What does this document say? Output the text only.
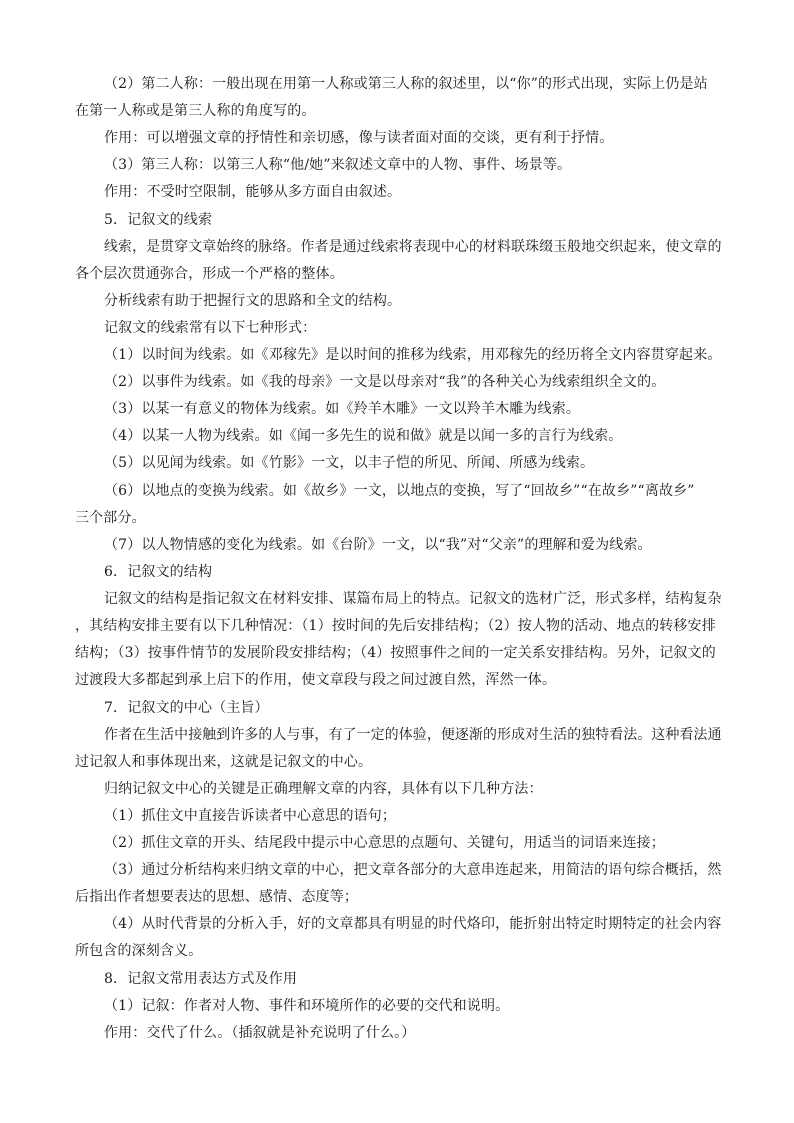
（2）第二人称：一般出现在用第一人称或第三人称的叙述里，以“你”的形式出现，实际上仍是站
在第一人称或是第三人称的角度写的。
作用：可以增强文章的抒情性和亲切感，像与读者面对面的交谈，更有利于抒情。
（3）第三人称：以第三人称“他/她”来叙述文章中的人物、事件、场景等。
作用：不受时空限制，能够从多方面自由叙述。
5．记叙文的线索
线索，是贯穿文章始终的脉络。作者是通过线索将表现中心的材料联珠缀玉般地交织起来，使文章的
各个层次贯通弥合，形成一个严格的整体。
分析线索有助于把握行文的思路和全文的结构。
记叙文的线索常有以下七种形式：
（1）以时间为线索。如《邓稼先》是以时间的推移为线索，用邓稼先的经历将全文内容贯穿起来。
（2）以事件为线索。如《我的母亲》一文是以母亲对“我”的各种关心为线索组织全文的。
（3）以某一有意义的物体为线索。如《羚羊木雕》一文以羚羊木雕为线索。
（4）以某一人物为线索。如《闻一多先生的说和做》就是以闻一多的言行为线索。
（5）以见闻为线索。如《竹影》一文，以丰子恺的所见、所闻、所感为线索。
（6）以地点的变换为线索。如《故乡》一文，以地点的变换，写了“回故乡”“在故乡”“离故乡”
三个部分。
（7）以人物情感的变化为线索。如《台阶》一文，以“我”对“父亲”的理解和爱为线索。
6．记叙文的结构
记叙文的结构是指记叙文在材料安排、谋篇布局上的特点。记叙文的选材广泛，形式多样，结构复杂
，其结构安排主要有以下几种情况：（1）按时间的先后安排结构；（2）按人物的活动、地点的转移安排
结构；（3）按事件情节的发展阶段安排结构；（4）按照事件之间的一定关系安排结构。另外，记叙文的
过渡段大多都起到承上启下的作用，使文章段与段之间过渡自然，浑然一体。
7．记叙文的中心（主旨）
作者在生活中接触到许多的人与事，有了一定的体验，便逐渐的形成对生活的独特看法。这种看法通
过记叙人和事体现出来，这就是记叙文的中心。
归纳记叙文中心的关键是正确理解文章的内容，具体有以下几种方法：
（1）抓住文中直接告诉读者中心意思的语句；
（2）抓住文章的开头、结尾段中提示中心意思的点题句、关键句，用适当的词语来连接；
（3）通过分析结构来归纳文章的中心，把文章各部分的大意串连起来，用简洁的语句综合概括，然
后指出作者想要表达的思想、感情、态度等；
（4）从时代背景的分析入手，好的文章都具有明显的时代烙印，能折射出特定时期特定的社会内容
所包含的深刻含义。
8．记叙文常用表达方式及作用
（1）记叙：作者对人物、事件和环境所作的必要的交代和说明。
作用：交代了什么。（插叙就是补充说明了什么。）
